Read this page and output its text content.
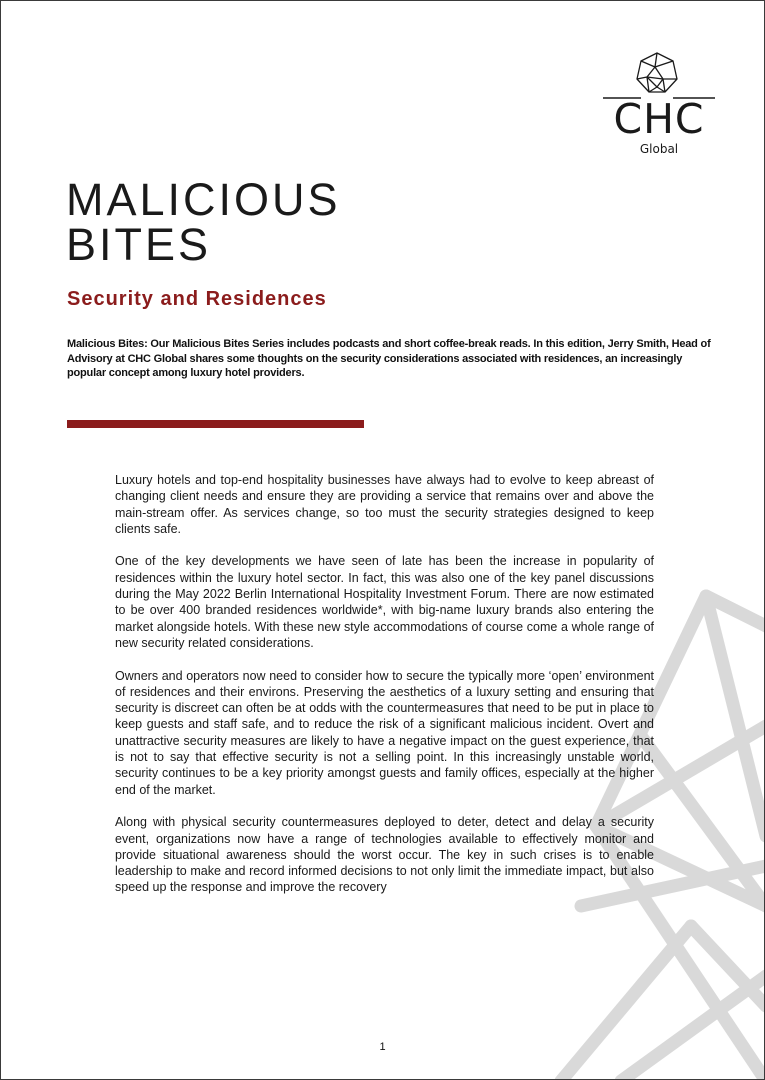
CHC
Global
MALICIOUS
BITES
Security and Residences

Malicious Bites: Our Malicious Bites Series includes podcasts and short coffee-break reads. In this edition, Jerry Smith, Head of Advisory at CHC Global shares some thoughts on the security considerations associated with residences, an increasingly popular concept among luxury hotel providers.

Luxury hotels and top-end hospitality businesses have always had to evolve to keep abreast of changing client needs and ensure they are providing a service that remains over and above the main-stream offer. As services change, so too must the security strategies designed to keep clients safe.

One of the key developments we have seen of late has been the increase in popularity of residences within the luxury hotel sector. In fact, this was also one of the key panel discussions during the May 2022 Berlin International Hospitality Investment Forum. There are now estimated to be over 400 branded residences worldwide*, with big-name luxury brands also entering the market alongside hotels. With these new style accommodations of course come a whole range of new security related considerations.

Owners and operators now need to consider how to secure the typically more ‘open’ environment of residences and their environs. Preserving the aesthetics of a luxury setting and ensuring that security is discreet can often be at odds with the countermeasures that need to be put in place to keep guests and staff safe, and to reduce the risk of a significant malicious incident. Overt and unattractive security measures are likely to have a negative impact on the guest experience, that is not to say that effective security is not a selling point. In this increasingly unstable world, security continues to be a key priority amongst guests and family offices, especially at the higher end of the market.

Along with physical security countermeasures deployed to deter, detect and delay a security event, organizations now have a range of technologies available to effectively monitor and provide situational awareness should the worst occur. The key in such crises is to enable leadership to make and record informed decisions to not only limit the immediate impact, but also speed up the response and improve the recovery

1
